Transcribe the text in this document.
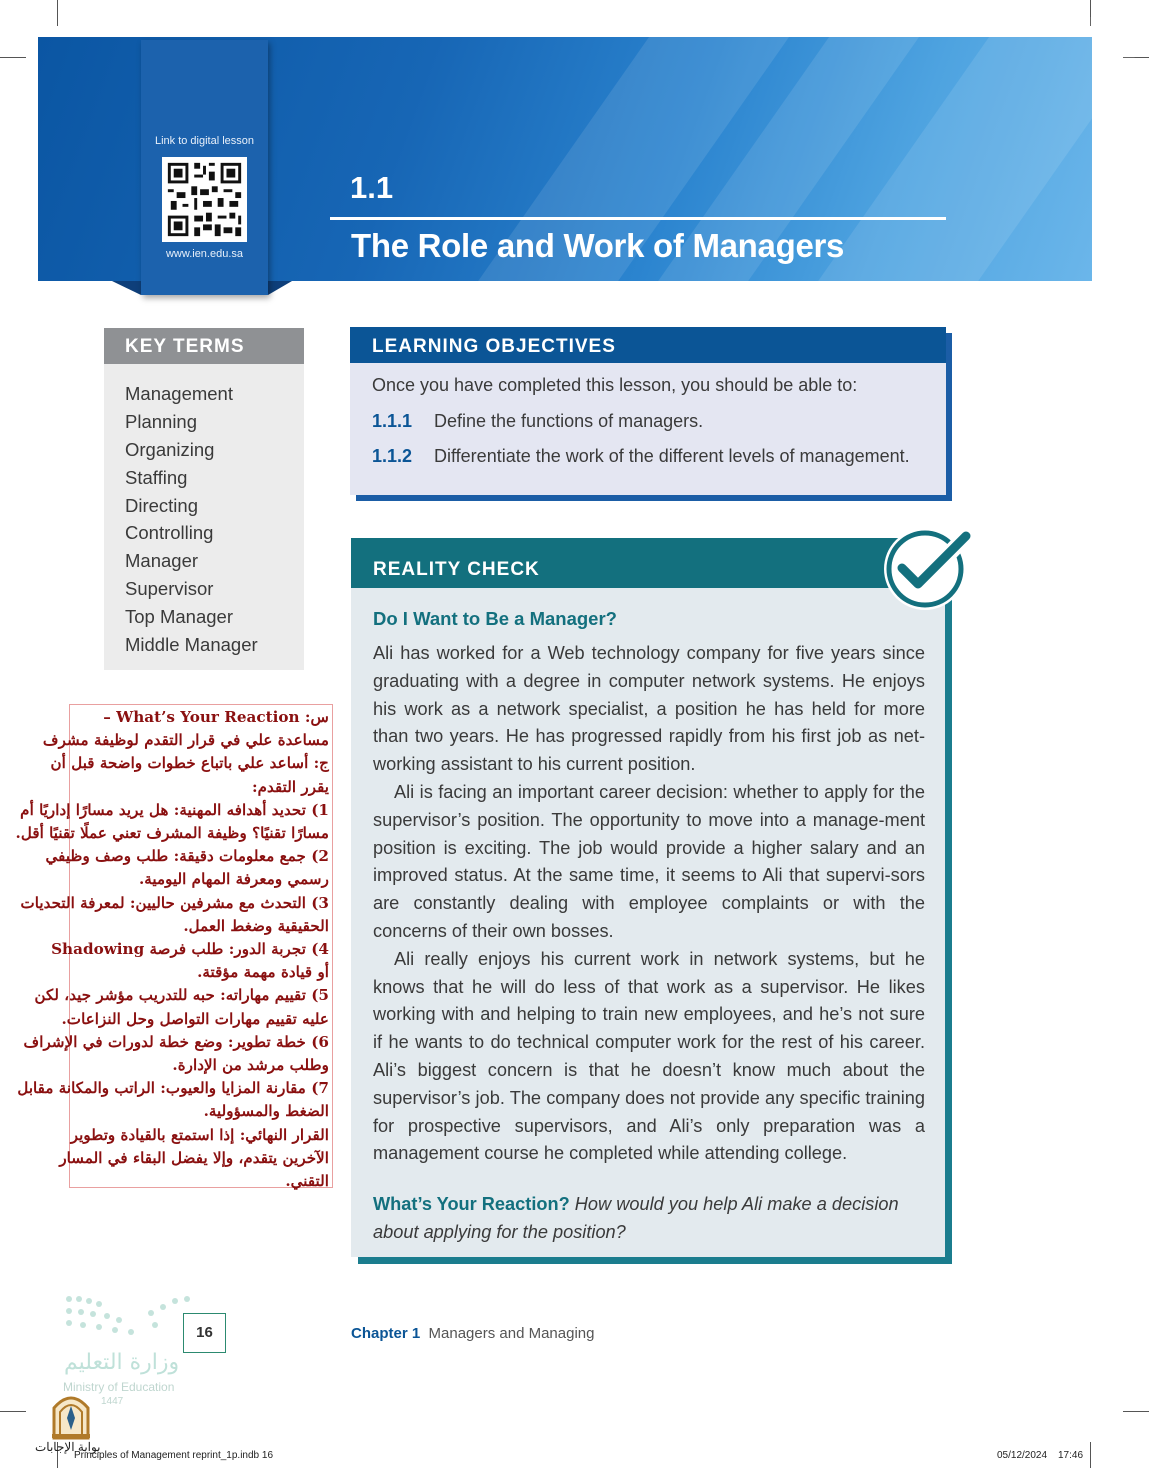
Link to digital lesson
www.ien.edu.sa
1.1
The Role and Work of Managers
KEY TERMS
Management
Planning
Organizing
Staffing
Directing
Controlling
Manager
Supervisor
Top Manager
Middle Manager
LEARNING OBJECTIVES
Once you have completed this lesson, you should be able to:
1.1.1 Define the functions of managers.
1.1.2 Differentiate the work of the different levels of management.
REALITY CHECK
Do I Want to Be a Manager?

Ali has worked for a Web technology company for five years since graduating with a degree in computer network systems. He enjoys his work as a network specialist, a position he has held for more than two years. He has progressed rapidly from his first job as net-working assistant to his current position.

Ali is facing an important career decision: whether to apply for the supervisor’s position. The opportunity to move into a manage-ment position is exciting. The job would provide a higher salary and an improved status. At the same time, it seems to Ali that supervi-sors are constantly dealing with employee complaints or with the concerns of their own bosses.

Ali really enjoys his current work in network systems, but he knows that he will do less of that work as a supervisor. He likes working with and helping to train new employees, and he’s not sure if he wants to do technical computer work for the rest of his career. Ali’s biggest concern is that he doesn’t know much about the supervisor’s job. The company does not provide any specific training for prospective supervisors, and Ali’s only preparation was a management course he completed while attending college.

What’s Your Reaction? How would you help Ali make a decision about applying for the position?
س: What’s Your Reaction –
مساعدة علي في قرار التقدم لوظيفة مشرف
ج: أساعد علي باتباع خطوات واضحة قبل أن
يقرر التقدم:
1) تحديد أهدافه المهنية: هل يريد مسارًا إداريًا أم
مسارًا تقنيًا؟ وظيفة المشرف تعني عملًا تقنيًا أقل.
2) جمع معلومات دقيقة: طلب وصف وظيفي
رسمي ومعرفة المهام اليومية.
3) التحدث مع مشرفين حاليين: لمعرفة التحديات
الحقيقية وضغط العمل.
4) تجربة الدور: طلب فرصة Shadowing
أو قيادة مهمة مؤقتة.
5) تقييم مهاراته: حبه للتدريب مؤشر جيد، لكن
عليه تقييم مهارات التواصل وحل النزاعات.
6) خطة تطوير: وضع خطة لدورات في الإشراف
وطلب مرشد من الإدارة.
7) مقارنة المزايا والعيوب: الراتب والمكانة مقابل
الضغط والمسؤولية.
القرار النهائي: إذا استمتع بالقيادة وتطوير
الآخرين يتقدم، وإلا يفضل البقاء في المسار
التقني.
16
وزارة التعليم
Ministry of Education
1447
Chapter 1 Managers and Managing
بوابة الإجابات
Principles of Management reprint_1p.indb 16	05/12/2024 17:46
